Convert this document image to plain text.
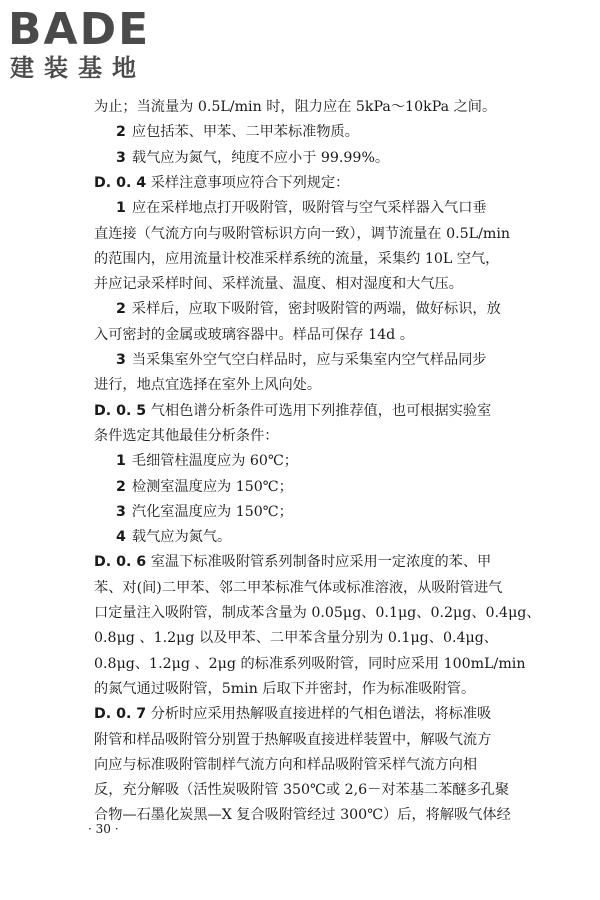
BADE
建装基地
为止；当流量为 0.5L/min 时，阻力应在 5kPa～10kPa 之间。
2 应包括苯、甲苯、二甲苯标准物质。
3 载气应为氮气，纯度不应小于 99.99%。
D. 0. 4 采样注意事项应符合下列规定：
1 应在采样地点打开吸附管，吸附管与空气采样器入气口垂
直连接（气流方向与吸附管标识方向一致），调节流量在 0.5L/min
的范围内，应用流量计校准采样系统的流量，采集约 10L 空气，
并应记录采样时间、采样流量、温度、相对湿度和大气压。
2 采样后，应取下吸附管，密封吸附管的两端，做好标识，放
入可密封的金属或玻璃容器中。样品可保存 14d 。
3 当采集室外空气空白样品时，应与采集室内空气样品同步
进行，地点宜选择在室外上风向处。
D. 0. 5 气相色谱分析条件可选用下列推荐值，也可根据实验室
条件选定其他最佳分析条件：
1 毛细管柱温度应为 60℃；
2 检测室温度应为 150℃；
3 汽化室温度应为 150℃；
4 载气应为氮气。
D. 0. 6 室温下标准吸附管系列制备时应采用一定浓度的苯、甲
苯、对(间)二甲苯、邻二甲苯标准气体或标准溶液，从吸附管进气
口定量注入吸附管，制成苯含量为 0.05μg、0.1μg、0.2μg、0.4μg、
0.8μg 、1.2μg 以及甲苯、二甲苯含量分别为 0.1μg、0.4μg、
0.8μg、1.2μg 、2μg 的标准系列吸附管，同时应采用 100mL/min
的氮气通过吸附管，5min 后取下并密封，作为标准吸附管。
D. 0. 7 分析时应采用热解吸直接进样的气相色谱法，将标准吸
附管和样品吸附管分别置于热解吸直接进样装置中，解吸气流方
向应与标准吸附管制样气流方向和样品吸附管采样气流方向相
反，充分解吸（活性炭吸附管 350℃或 2,6－对苯基二苯醚多孔聚
合物—石墨化炭黑—X 复合吸附管经过 300℃）后，将解吸气体经
· 30 ·
